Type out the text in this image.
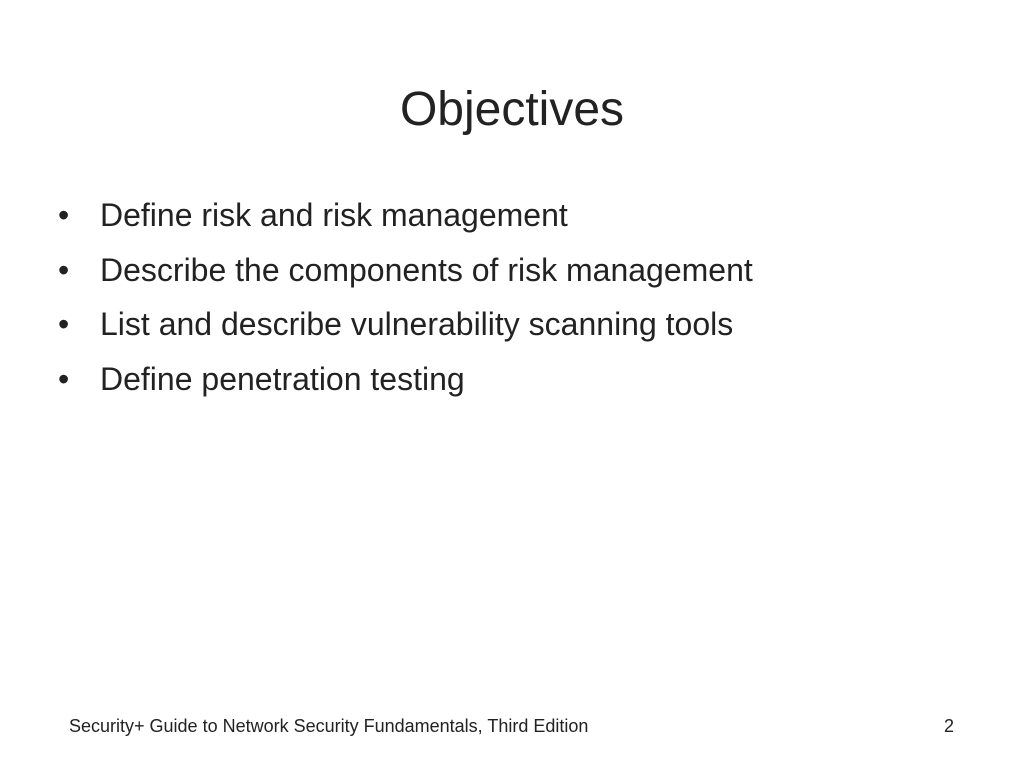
Objectives
• Define risk and risk management
• Describe the components of risk management
• List and describe vulnerability scanning tools
• Define penetration testing
Security+ Guide to Network Security Fundamentals, Third Edition	2
